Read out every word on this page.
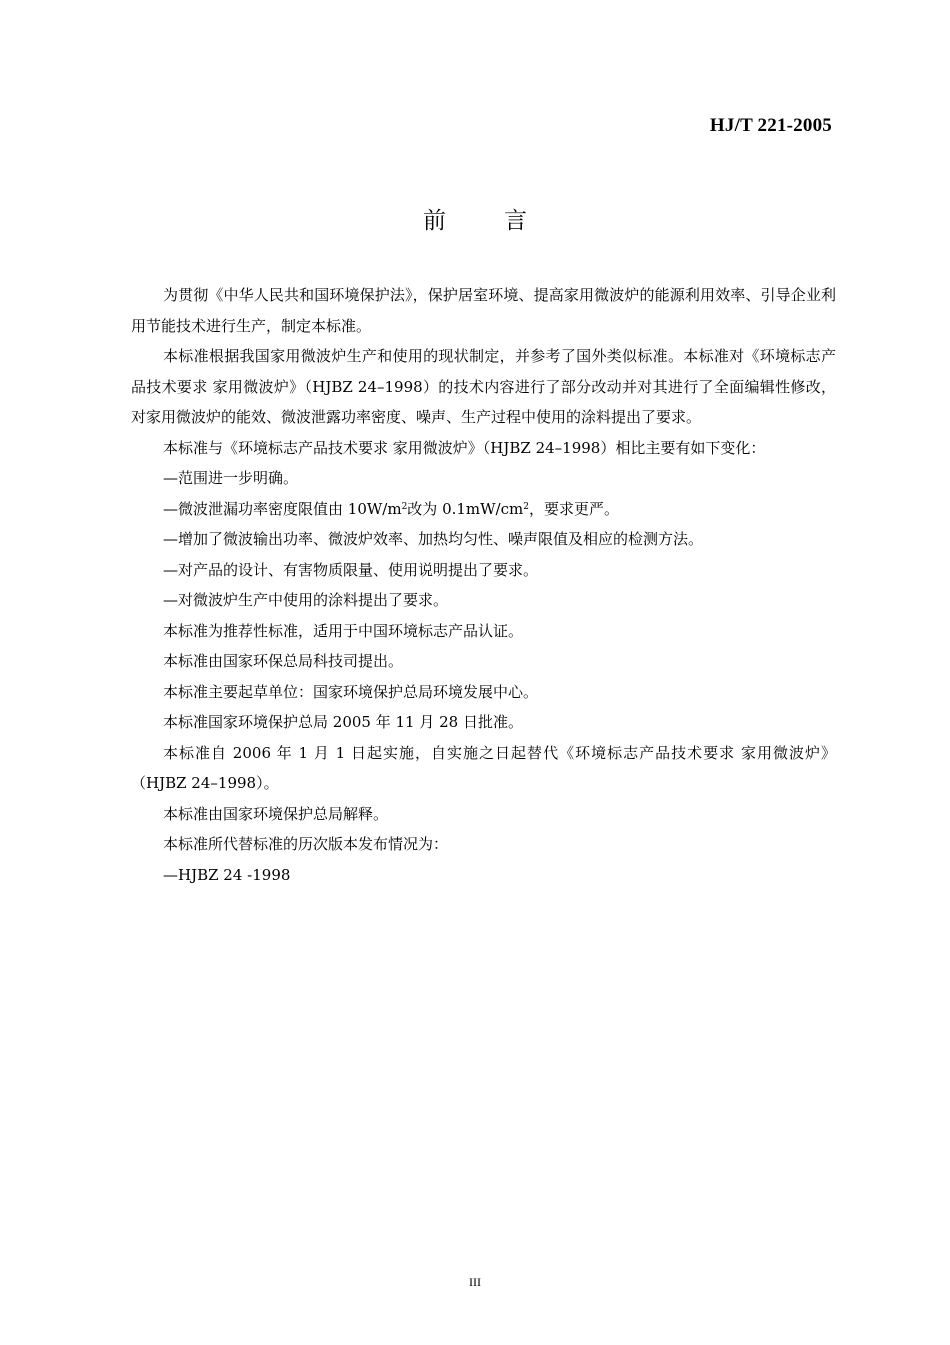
HJ/T 221-2005
前	言

为贯彻《中华人民共和国环境保护法》，保护居室环境、提高家用微波炉的能源利用效率、引导企业利用节能技术进行生产，制定本标准。

本标准根据我国家用微波炉生产和使用的现状制定，并参考了国外类似标准。本标准对《环境标志产品技术要求 家用微波炉》（HJBZ 24–1998）的技术内容进行了部分改动并对其进行了全面编辑性修改，对家用微波炉的能效、微波泄露功率密度、噪声、生产过程中使用的涂料提出了要求。

本标准与《环境标志产品技术要求 家用微波炉》（HJBZ 24–1998）相比主要有如下变化：

—范围进一步明确。

—微波泄漏功率密度限值由 $10W/m^2$改为 $0.1mW/cm^2$，要求更严。

—增加了微波输出功率、微波炉效率、加热均匀性、噪声限值及相应的检测方法。

—对产品的设计、有害物质限量、使用说明提出了要求。

—对微波炉生产中使用的涂料提出了要求。

本标准为推荐性标准，适用于中国环境标志产品认证。

本标准由国家环保总局科技司提出。

本标准主要起草单位：国家环境保护总局环境发展中心。

本标准国家环境保护总局 2005 年 11 月 28 日批准。

本标准自 2006 年 1 月 1 日起实施，自实施之日起替代《环境标志产品技术要求 家用微波炉》（HJBZ 24–1998）。

本标准由国家环境保护总局解释。

本标准所代替标准的历次版本发布情况为：

—HJBZ 24 -1998

III
